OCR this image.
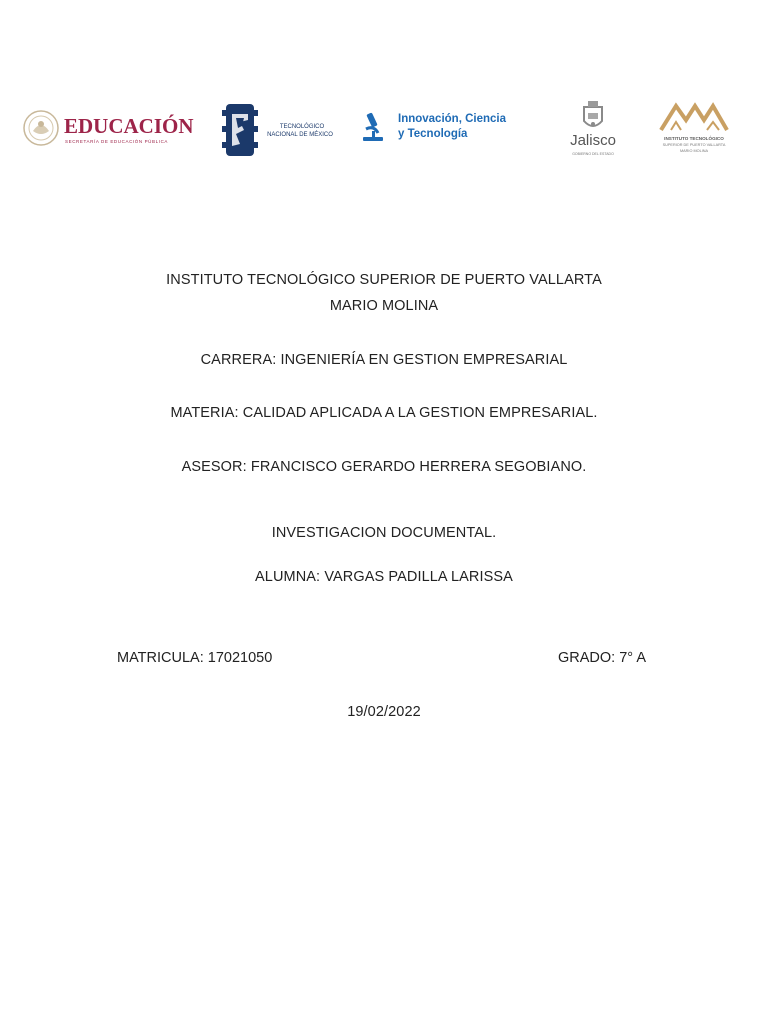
EDUCACIÓN
SECRETARÍA DE EDUCACIÓN PÚBLICA
TECNOLÓGICO
NACIONAL DE MÉXICO
Innovación, Ciencia
y Tecnología	Jalisco
GOBIERNO DEL ESTADO
INSTITUTO TECNOLÓGICO
SUPERIOR DE PUERTO VALLARTA
MARIO MOLINA
INSTITUTO TECNOLÓGICO SUPERIOR DE PUERTO VALLARTA
MARIO MOLINA
CARRERA: INGENIERÍA EN GESTION EMPRESARIAL
MATERIA: CALIDAD APLICADA A LA GESTION EMPRESARIAL.
ASESOR: FRANCISCO GERARDO HERRERA SEGOBIANO.
INVESTIGACION DOCUMENTAL.
ALUMNA: VARGAS PADILLA LARISSA
MATRICULA: 17021050	GRADO: 7° A
19/02/2022
